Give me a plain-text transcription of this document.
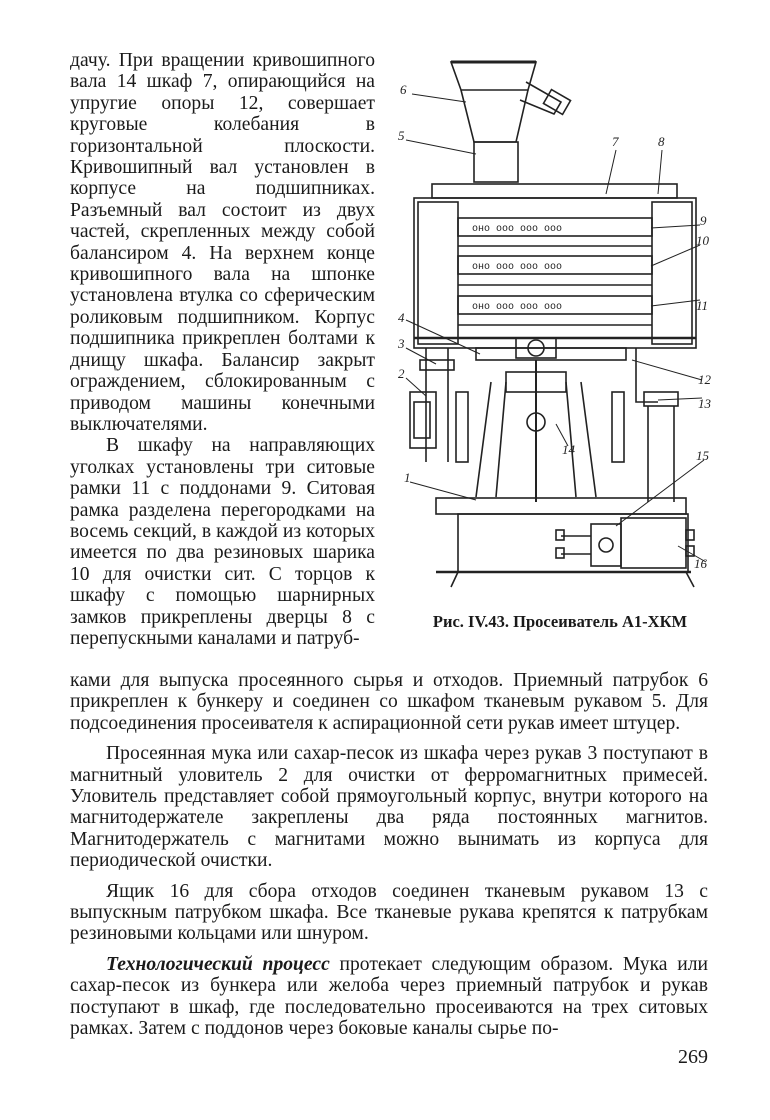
дачу. При вращении кривошипного вала 14 шкаф 7, опирающийся на упругие опоры 12, совершает круговые колебания в горизонтальной плоскости. Кривошипный вал установлен в корпусе на подшипниках. Разъемный вал состоит из двух частей, скрепленных между собой балансиром 4. На верхнем конце кривошипного вала на шпонке установлена втулка со сферическим роликовым подшипником. Корпус подшипника прикреплен болтами к днищу шкафа. Балансир закрыт ограждением, сблокированным с приводом машины конечными выключателями.

В шкафу на направляющих уголках установлены три ситовые рамки 11 с поддонами 9. Ситовая рамка разделена перегородками на восемь секций, в каждой из которых имеется по два резиновых шарика 10 для очистки сит. С торцов к шкафу с помощью шарнирных замков прикреплены дверцы 8 с перепускными каналами и патруб-

оно ооо ооо ооо
оно ооо ооо ооо
оно ооо ооо ооо
6
5	7	8
9
10
11
4
3
2	12
13
14	15
1
16
Рис. IV.43. Просеиватель А1-ХКМ

ками для выпуска просеянного сырья и отходов. Приемный патрубок 6 прикреплен к бункеру и соединен со шкафом тканевым рукавом 5. Для подсоединения просеивателя к аспирационной сети рукав имеет штуцер.

Просеянная мука или сахар-песок из шкафа через рукав 3 поступают в магнитный уловитель 2 для очистки от ферромагнитных примесей. Уловитель представляет собой прямоугольный корпус, внутри которого на магнитодержателе закреплены два ряда постоянных магнитов. Магнитодержатель с магнитами можно вынимать из корпуса для периодической очистки.

Ящик 16 для сбора отходов соединен тканевым рукавом 13 с выпускным патрубком шкафа. Все тканевые рукава крепятся к патрубкам резиновыми кольцами или шнуром.

Технологический процесс протекает следующим образом. Мука или сахар-песок из бункера или желоба через приемный патрубок и рукав поступают в шкаф, где последовательно просеиваются на трех ситовых рамках. Затем с поддонов через боковые каналы сырье по-

269
